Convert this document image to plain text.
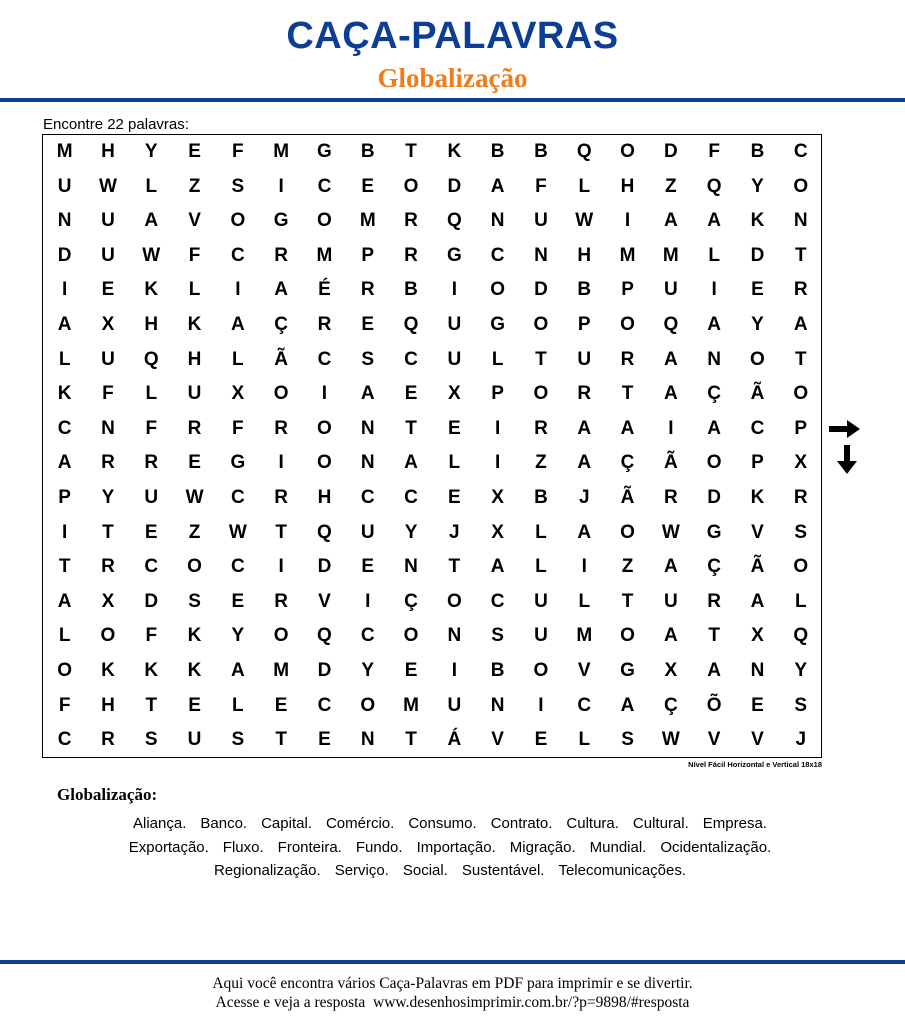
CAÇA-PALAVRAS
Globalização
Encontre 22 palavras:
M	H	Y	E	F	M	G	B	T	K	B	B	Q	O	D	F	B	C
U	W	L	Z	S	I	C	E	O	D	A	F	L	H	Z	Q	Y	O
N	U	A	V	O	G	O	M	R	Q	N	U	W	I	A	A	K	N
D	U	W	F	C	R	M	P	R	G	C	N	H	M	M	L	D	T
I	E	K	L	I	A	É	R	B	I	O	D	B	P	U	I	E	R
A	X	H	K	A	Ç	R	E	Q	U	G	O	P	O	Q	A	Y	A
L	U	Q	H	L	Ã	C	S	C	U	L	T	U	R	A	N	O	T
K	F	L	U	X	O	I	A	E	X	P	O	R	T	A	Ç	Ã	O
C	N	F	R	F	R	O	N	T	E	I	R	A	A	I	A	C	P
A	R	R	E	G	I	O	N	A	L	I	Z	A	Ç	Ã	O	P	X
P	Y	U	W	C	R	H	C	C	E	X	B	J	Ã	R	D	K	R
I	T	E	Z	W	T	Q	U	Y	J	X	L	A	O	W	G	V	S
T	R	C	O	C	I	D	E	N	T	A	L	I	Z	A	Ç	Ã	O
A	X	D	S	E	R	V	I	Ç	O	C	U	L	T	U	R	A	L
L	O	F	K	Y	O	Q	C	O	N	S	U	M	O	A	T	X	Q
O	K	K	K	A	M	D	Y	E	I	B	O	V	G	X	A	N	Y
F	H	T	E	L	E	C	O	M	U	N	I	C	A	Ç	Õ	E	S
C	R	S	U	S	T	E	N	T	Á	V	E	L	S	W	V	V	J
Nível Fácil Horizontal e Vertical 18x18
Globalização:
Aliança. Banco. Capital. Comércio. Consumo. Contrato. Cultura. Cultural. Empresa.
Exportação. Fluxo. Fronteira. Fundo. Importação. Migração. Mundial. Ocidentalização.
Regionalização. Serviço. Social. Sustentável. Telecomunicações.
Aqui você encontra vários Caça-Palavras em PDF para imprimir e se divertir.
Acesse e veja a resposta  www.desenhosimprimir.com.br/?p=9898/#resposta
